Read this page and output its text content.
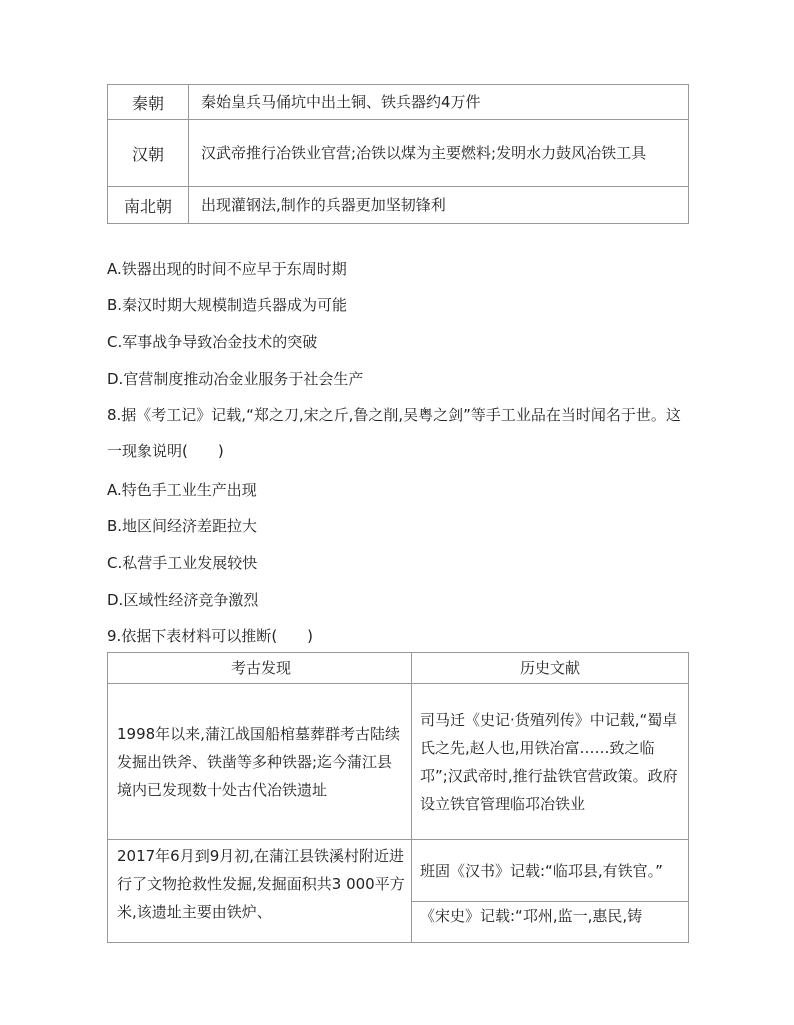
秦朝	秦始皇兵马俑坑中出土铜、铁兵器约4万件
汉朝	汉武帝推行冶铁业官营;冶铁以煤为主要燃料;发明水力鼓风冶铁工具
南北朝	出现灌钢法,制作的兵器更加坚韧锋利
A.铁器出现的时间不应早于东周时期
B.秦汉时期大规模制造兵器成为可能
C.军事战争导致冶金技术的突破
D.官营制度推动冶金业服务于社会生产
8.据《考工记》记载,“郑之刀,宋之斤,鲁之削,吴粤之剑”等手工业品在当时闻名于世。这一现象说明(　　)
A.特色手工业生产出现
B.地区间经济差距拉大
C.私营手工业发展较快
D.区域性经济竞争激烈
9.依据下表材料可以推断(　　)
考古发现	历史文献
1998年以来,蒲江战国船棺墓葬群考古陆续发掘出铁斧、铁凿等多种铁器;迄今蒲江县境内已发现数十处古代冶铁遗址	司马迁《史记·货殖列传》中记载,“蜀卓氏之先,赵人也,用铁冶富……致之临邛”;汉武帝时,推行盐铁官营政策。政府设立铁官管理临邛冶铁业

2017年6月到9月初,在蒲江县铁溪村附近进行了文物抢救性发掘,发掘面积共3 000平方米,该遗址主要由铁炉、	班固《汉书》记载:“临邛县,有铁官。”

	《宋史》记载:“邛州,监一,惠民,铸
